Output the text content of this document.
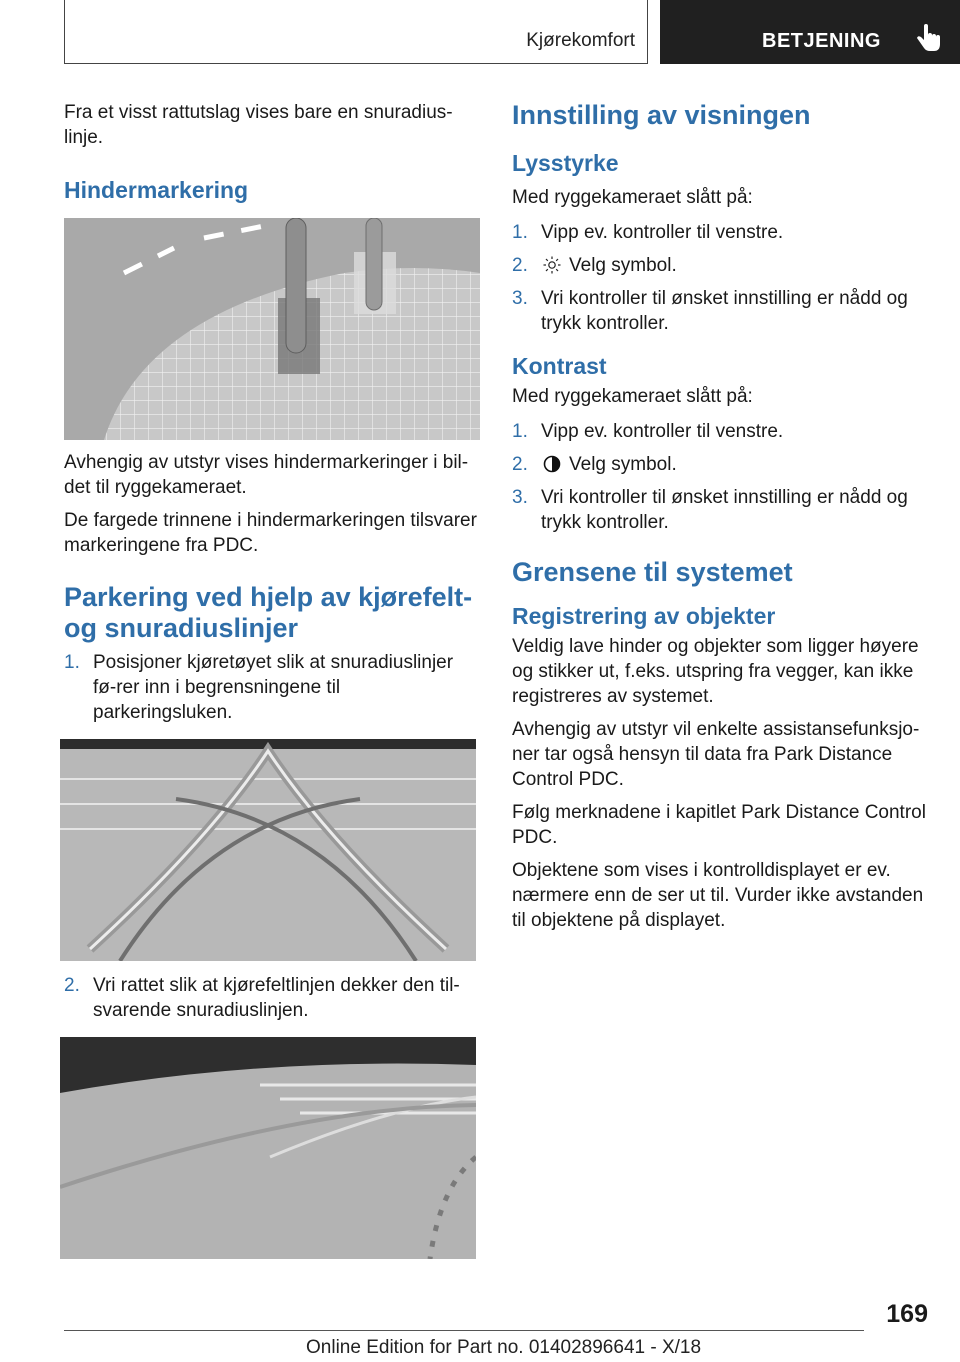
Kjørekomfort	BETJENING

Fra et visst rattutslag vises bare en snuradius-linje.

Hindermarkering

Avhengig av utstyr vises hindermarkeringer i bil-det til ryggekameraet.

De fargede trinnene i hindermarkeringen tilsvarer markeringene fra PDC.

Parkering ved hjelp av kjørefelt-og snuradiuslinjer
1. Posisjoner kjøretøyet slik at snuradiuslinjer fø-rer inn i begrensningene til parkeringsluken.
2. Vri rattet slik at kjørefeltlinjen dekker den til-svarende snuradiuslinjen.
Innstilling av visningen
Lysstyrke

Med ryggekameraet slått på:

1. Vipp ev. kontroller til venstre.
2. Velg symbol.
3. Vri kontroller til ønsket innstilling er nådd og trykk kontroller.
Kontrast

Med ryggekameraet slått på:

1. Vipp ev. kontroller til venstre.
2. Velg symbol.
3. Vri kontroller til ønsket innstilling er nådd og trykk kontroller.
Grensene til systemet
Registrering av objekter

Veldig lave hinder og objekter som ligger høyere og stikker ut, f.eks. utspring fra vegger, kan ikke registreres av systemet.

Avhengig av utstyr vil enkelte assistansefunksjo-ner tar også hensyn til data fra Park Distance Control PDC.

Følg merknadene i kapitlet Park Distance Control PDC.

Objektene som vises i kontrolldisplayet er ev. nærmere enn de ser ut til. Vurder ikke avstanden til objektene på displayet.

169
Online Edition for Part no. 01402896641 - X/18
